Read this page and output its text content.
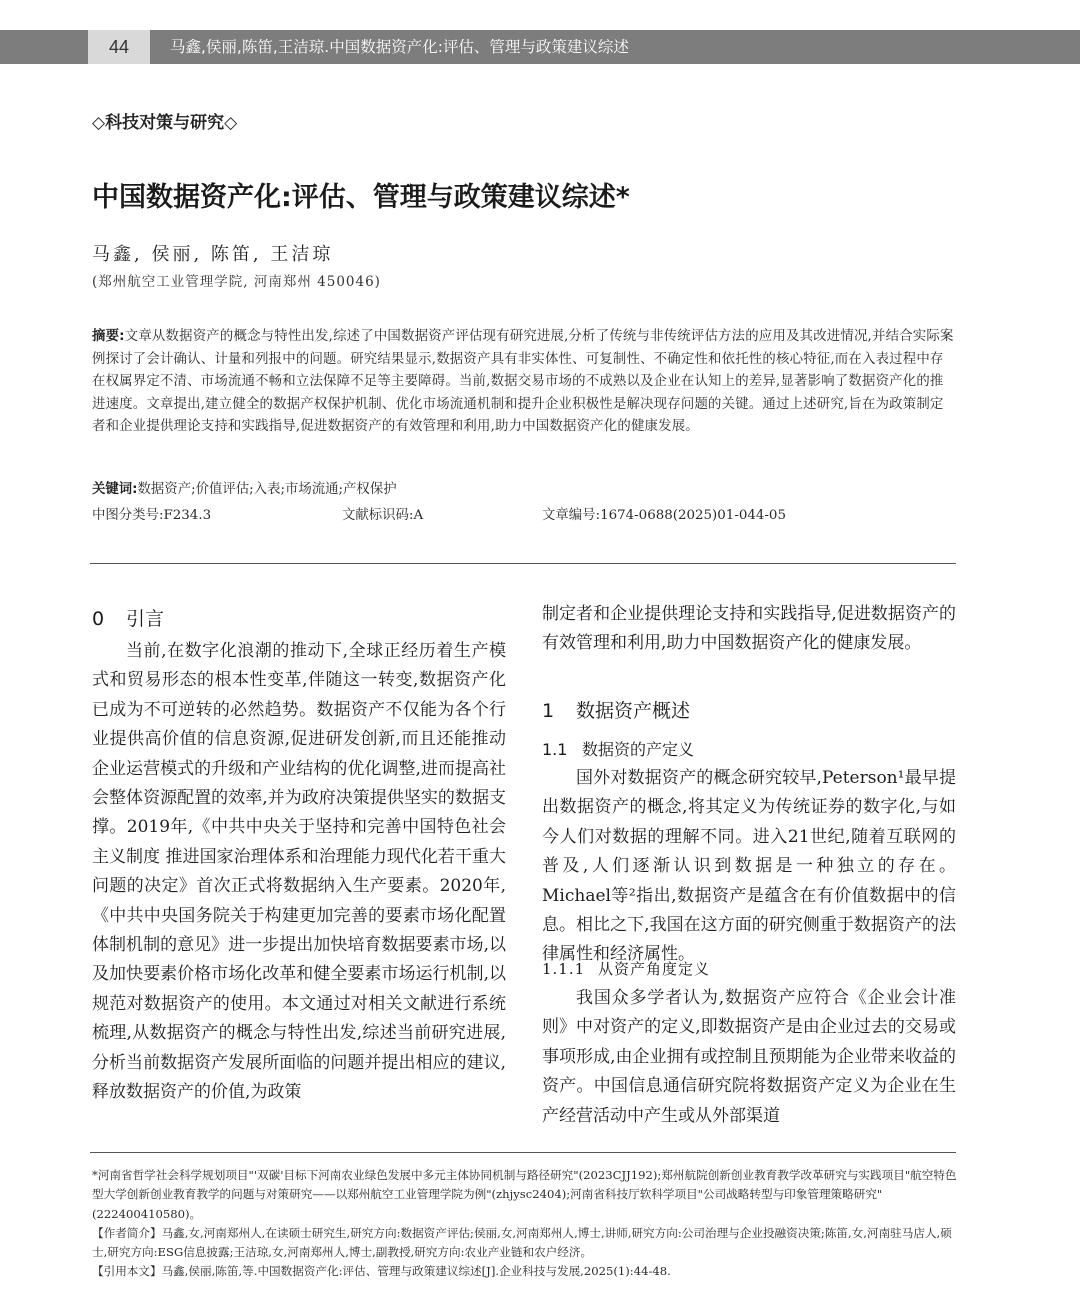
44	马鑫,侯丽,陈笛,王洁琼.中国数据资产化:评估、管理与政策建议综述
◇科技对策与研究◇
中国数据资产化:评估、管理与政策建议综述*
马鑫, 侯丽, 陈笛, 王洁琼
(郑州航空工业管理学院, 河南郑州 450046)
摘要:文章从数据资产的概念与特性出发,综述了中国数据资产评估现有研究进展,分析了传统与非传统评估方法的应用及其改进情况,并结合实际案例探讨了会计确认、计量和列报中的问题。研究结果显示,数据资产具有非实体性、可复制性、不确定性和依托性的核心特征,而在入表过程中存在权属界定不清、市场流通不畅和立法保障不足等主要障碍。当前,数据交易市场的不成熟以及企业在认知上的差异,显著影响了数据资产化的推进速度。文章提出,建立健全的数据产权保护机制、优化市场流通机制和提升企业积极性是解决现存问题的关键。通过上述研究,旨在为政策制定者和企业提供理论支持和实践指导,促进数据资产的有效管理和利用,助力中国数据资产化的健康发展。
关键词:数据资产;价值评估;入表;市场流通;产权保护
中图分类号:F234.3	文献标识码:A	文章编号:1674-0688(2025)01-044-05
0 引言

当前,在数字化浪潮的推动下,全球正经历着生产模式和贸易形态的根本性变革,伴随这一转变,数据资产化已成为不可逆转的必然趋势。数据资产不仅能为各个行业提供高价值的信息资源,促进研发创新,而且还能推动企业运营模式的升级和产业结构的优化调整,进而提高社会整体资源配置的效率,并为政府决策提供坚实的数据支撑。2019年,《中共中央关于坚持和完善中国特色社会主义制度 推进国家治理体系和治理能力现代化若干重大问题的决定》首次正式将数据纳入生产要素。2020年,《中共中央国务院关于构建更加完善的要素市场化配置体制机制的意见》进一步提出加快培育数据要素市场,以及加快要素价格市场化改革和健全要素市场运行机制,以规范对数据资产的使用。本文通过对相关文献进行系统梳理,从数据资产的概念与特性出发,综述当前研究进展,分析当前数据资产发展所面临的问题并提出相应的建议,释放数据资产的价值,为政策

制定者和企业提供理论支持和实践指导,促进数据资产的有效管理和利用,助力中国数据资产化的健康发展。

1 数据资产概述
1.1 数据资的产定义

国外对数据资产的概念研究较早,Peterson¹最早提出数据资产的概念,将其定义为传统证券的数字化,与如今人们对数据的理解不同。进入21世纪,随着互联网的普及,人们逐渐认识到数据是一种独立的存在。Michael等²指出,数据资产是蕴含在有价值数据中的信息。相比之下,我国在这方面的研究侧重于数据资产的法律属性和经济属性。

1.1.1 从资产角度定义

我国众多学者认为,数据资产应符合《企业会计准则》中对资产的定义,即数据资产是由企业过去的交易或事项形成,由企业拥有或控制且预期能为企业带来收益的资产。中国信息通信研究院将数据资产定义为企业在生产经营活动中产生或从外部渠道

*河南省哲学社会科学规划项目"'双碳'目标下河南农业绿色发展中多元主体协同机制与路径研究"(2023CJJ192);郑州航院创新创业教育教学改革研究与实践项目"航空特色型大学创新创业教育教学的问题与对策研究——以郑州航空工业管理学院为例"(zhjysc2404);河南省科技厅软科学项目"公司战略转型与印象管理策略研究"(222400410580)。
【作者简介】马鑫,女,河南郑州人,在读硕士研究生,研究方向:数据资产评估;侯丽,女,河南郑州人,博士,讲师,研究方向:公司治理与企业投融资决策;陈笛,女,河南驻马店人,硕士,研究方向:ESG信息披露;王洁琼,女,河南郑州人,博士,副教授,研究方向:农业产业链和农户经济。
【引用本文】马鑫,侯丽,陈笛,等.中国数据资产化:评估、管理与政策建议综述[J].企业科技与发展,2025(1):44-48.
